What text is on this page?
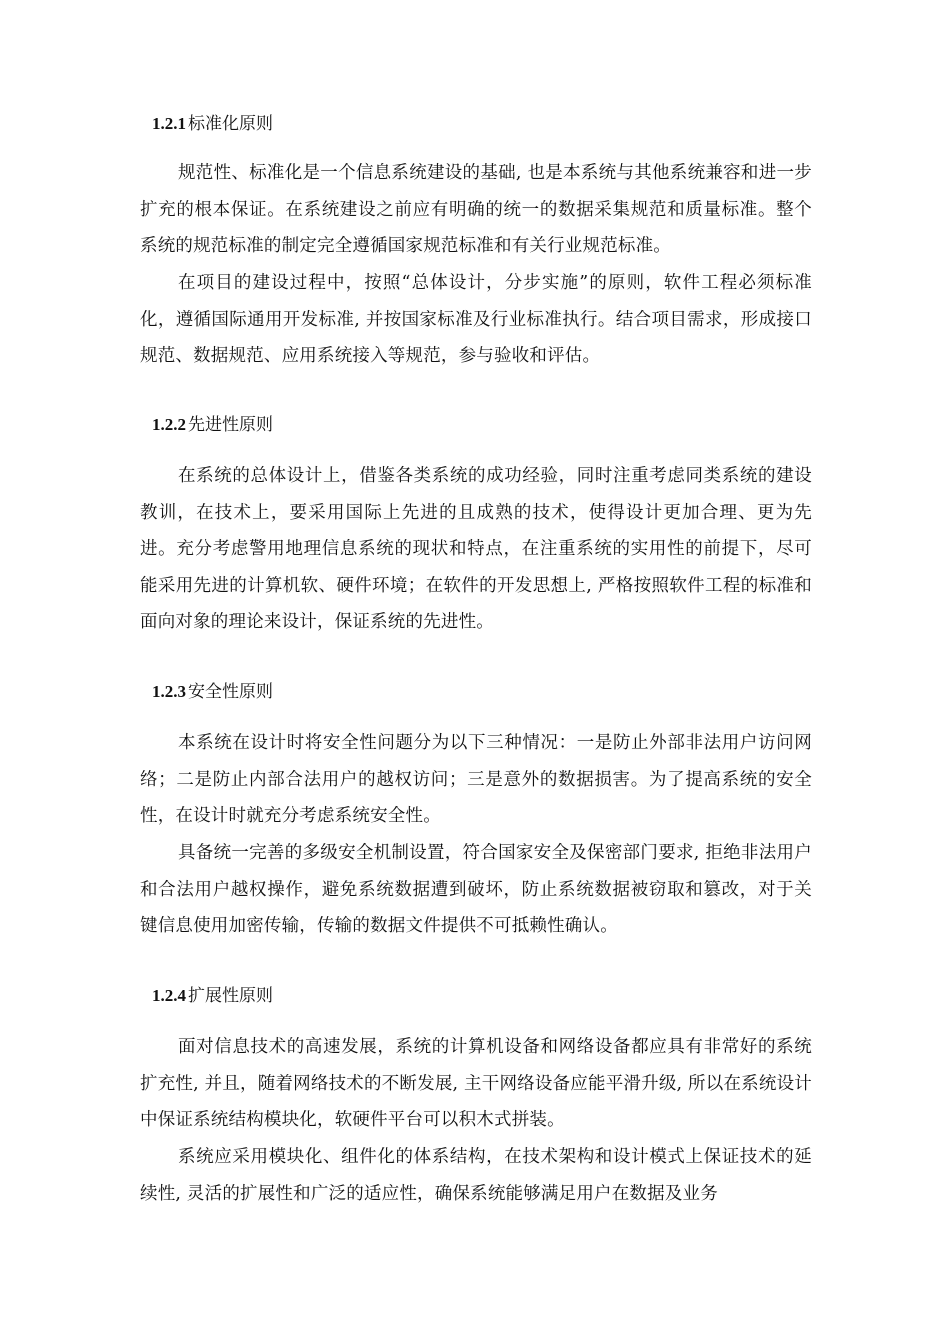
1.2.1 标准化原则

规范性、标准化是一个信息系统建设的基础, 也是本系统与其他系统兼容和进一步扩充的根本保证。在系统建设之前应有明确的统一的数据采集规范和质量标准。整个系统的规范标准的制定完全遵循国家规范标准和有关行业规范标准。

在项目的建设过程中，按照“总体设计，分步实施”的原则，软件工程必须标准化，遵循国际通用开发标准, 并按国家标准及行业标准执行。结合项目需求，形成接口规范、数据规范、应用系统接入等规范，参与验收和评估。

1.2.2 先进性原则

在系统的总体设计上，借鉴各类系统的成功经验，同时注重考虑同类系统的建设教训，在技术上，要采用国际上先进的且成熟的技术，使得设计更加合理、更为先进。充分考虑警用地理信息系统的现状和特点，在注重系统的实用性的前提下，尽可能采用先进的计算机软、硬件环境；在软件的开发思想上, 严格按照软件工程的标准和面向对象的理论来设计，保证系统的先进性。

1.2.3 安全性原则

本系统在设计时将安全性问题分为以下三种情况：一是防止外部非法用户访问网络；二是防止内部合法用户的越权访问；三是意外的数据损害。为了提高系统的安全性，在设计时就充分考虑系统安全性。

具备统一完善的多级安全机制设置，符合国家安全及保密部门要求, 拒绝非法用户和合法用户越权操作，避免系统数据遭到破坏，防止系统数据被窃取和篡改，对于关键信息使用加密传输，传输的数据文件提供不可抵赖性确认。

1.2.4 扩展性原则

面对信息技术的高速发展，系统的计算机设备和网络设备都应具有非常好的系统扩充性, 并且，随着网络技术的不断发展, 主干网络设备应能平滑升级, 所以在系统设计中保证系统结构模块化，软硬件平台可以积木式拼装。

系统应采用模块化、组件化的体系结构，在技术架构和设计模式上保证技术的延续性, 灵活的扩展性和广泛的适应性，确保系统能够满足用户在数据及业务
